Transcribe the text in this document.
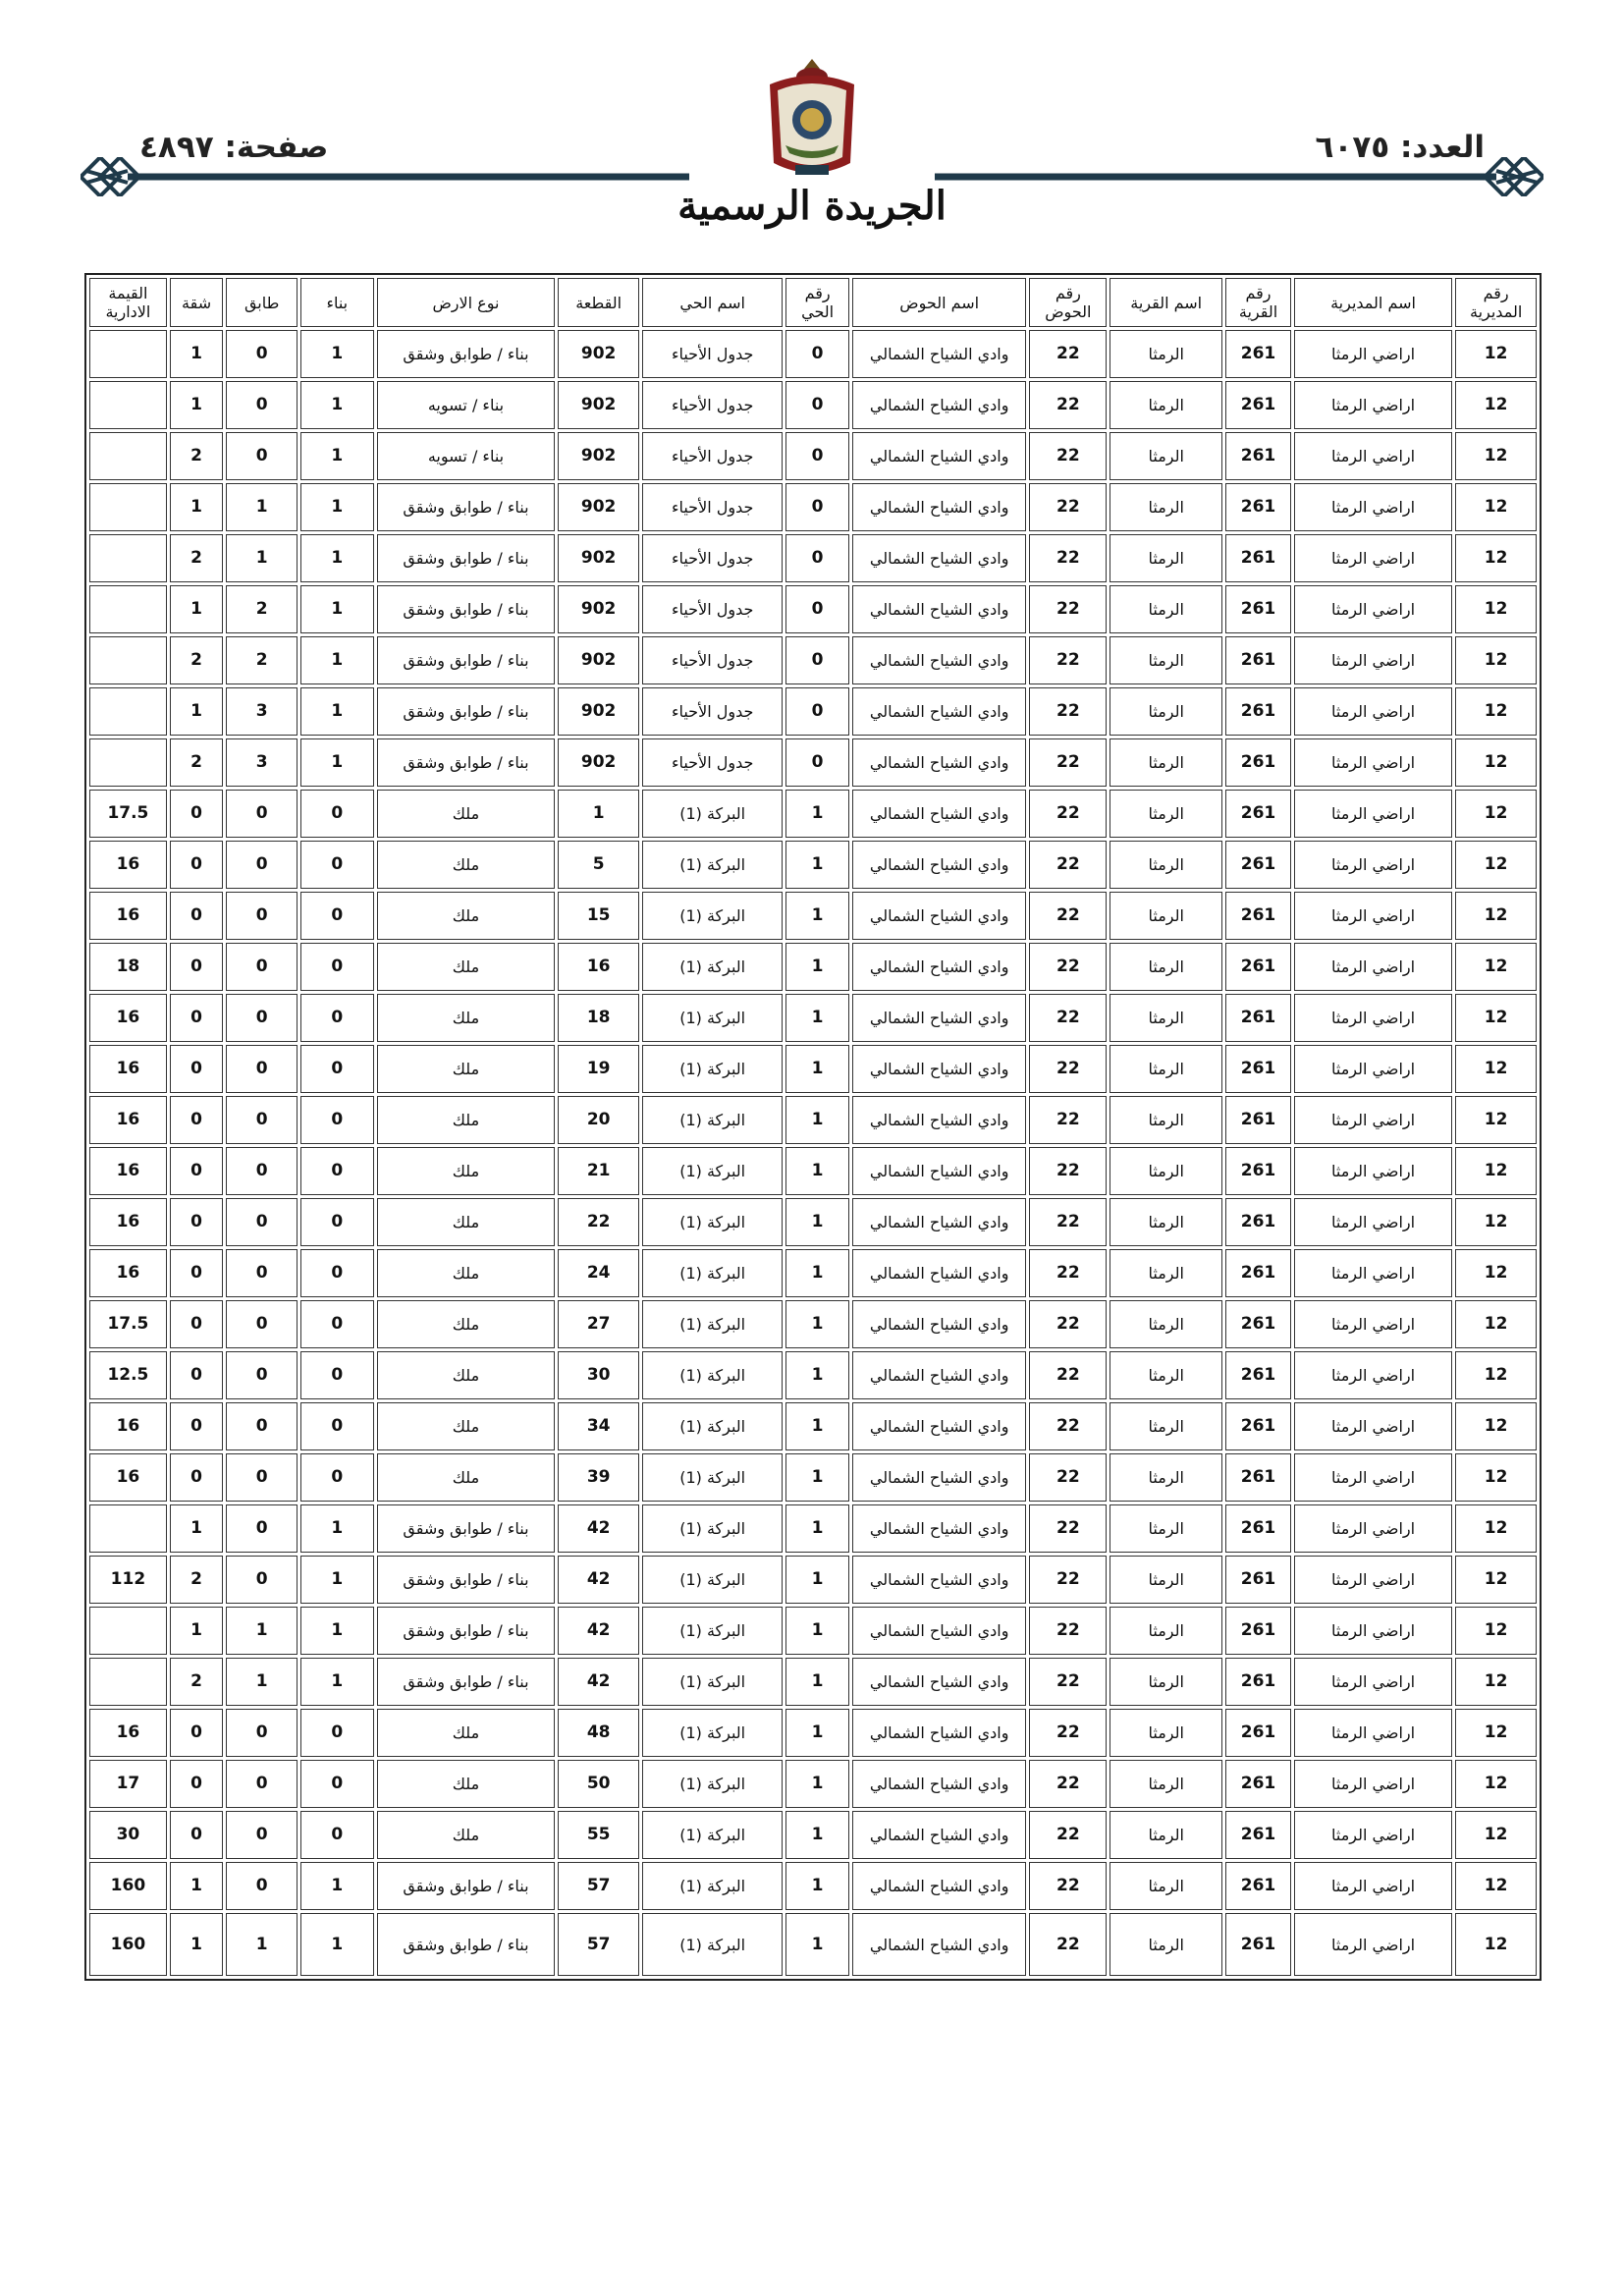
العدد: ٦٠٧٥
صفحة: ٤٨٩٧
الجريدة الرسمية
رقم المديرية	اسم المديرية	رقم القرية	اسم القرية	رقم الحوض	اسم الحوض	رقم الحي	اسم الحي	القطعة	نوع الارض	بناء	طابق	شقة	القيمة الادارية
12	اراضي الرمثا	261	الرمثا	22	وادي الشياح الشمالي	0	جدول الأحياء	902	بناء / طوابق وشقق	1	0	1	
12	اراضي الرمثا	261	الرمثا	22	وادي الشياح الشمالي	0	جدول الأحياء	902	بناء / تسويه	1	0	1	
12	اراضي الرمثا	261	الرمثا	22	وادي الشياح الشمالي	0	جدول الأحياء	902	بناء / تسويه	1	0	2	
12	اراضي الرمثا	261	الرمثا	22	وادي الشياح الشمالي	0	جدول الأحياء	902	بناء / طوابق وشقق	1	1	1	
12	اراضي الرمثا	261	الرمثا	22	وادي الشياح الشمالي	0	جدول الأحياء	902	بناء / طوابق وشقق	1	1	2	
12	اراضي الرمثا	261	الرمثا	22	وادي الشياح الشمالي	0	جدول الأحياء	902	بناء / طوابق وشقق	1	2	1	
12	اراضي الرمثا	261	الرمثا	22	وادي الشياح الشمالي	0	جدول الأحياء	902	بناء / طوابق وشقق	1	2	2	
12	اراضي الرمثا	261	الرمثا	22	وادي الشياح الشمالي	0	جدول الأحياء	902	بناء / طوابق وشقق	1	3	1	
12	اراضي الرمثا	261	الرمثا	22	وادي الشياح الشمالي	0	جدول الأحياء	902	بناء / طوابق وشقق	1	3	2	
12	اراضي الرمثا	261	الرمثا	22	وادي الشياح الشمالي	1	البركة (1)	1	ملك	0	0	0	17.5
12	اراضي الرمثا	261	الرمثا	22	وادي الشياح الشمالي	1	البركة (1)	5	ملك	0	0	0	16
12	اراضي الرمثا	261	الرمثا	22	وادي الشياح الشمالي	1	البركة (1)	15	ملك	0	0	0	16
12	اراضي الرمثا	261	الرمثا	22	وادي الشياح الشمالي	1	البركة (1)	16	ملك	0	0	0	18
12	اراضي الرمثا	261	الرمثا	22	وادي الشياح الشمالي	1	البركة (1)	18	ملك	0	0	0	16
12	اراضي الرمثا	261	الرمثا	22	وادي الشياح الشمالي	1	البركة (1)	19	ملك	0	0	0	16
12	اراضي الرمثا	261	الرمثا	22	وادي الشياح الشمالي	1	البركة (1)	20	ملك	0	0	0	16
12	اراضي الرمثا	261	الرمثا	22	وادي الشياح الشمالي	1	البركة (1)	21	ملك	0	0	0	16
12	اراضي الرمثا	261	الرمثا	22	وادي الشياح الشمالي	1	البركة (1)	22	ملك	0	0	0	16
12	اراضي الرمثا	261	الرمثا	22	وادي الشياح الشمالي	1	البركة (1)	24	ملك	0	0	0	16
12	اراضي الرمثا	261	الرمثا	22	وادي الشياح الشمالي	1	البركة (1)	27	ملك	0	0	0	17.5
12	اراضي الرمثا	261	الرمثا	22	وادي الشياح الشمالي	1	البركة (1)	30	ملك	0	0	0	12.5
12	اراضي الرمثا	261	الرمثا	22	وادي الشياح الشمالي	1	البركة (1)	34	ملك	0	0	0	16
12	اراضي الرمثا	261	الرمثا	22	وادي الشياح الشمالي	1	البركة (1)	39	ملك	0	0	0	16
12	اراضي الرمثا	261	الرمثا	22	وادي الشياح الشمالي	1	البركة (1)	42	بناء / طوابق وشقق	1	0	1	
12	اراضي الرمثا	261	الرمثا	22	وادي الشياح الشمالي	1	البركة (1)	42	بناء / طوابق وشقق	1	0	2	112
12	اراضي الرمثا	261	الرمثا	22	وادي الشياح الشمالي	1	البركة (1)	42	بناء / طوابق وشقق	1	1	1	
12	اراضي الرمثا	261	الرمثا	22	وادي الشياح الشمالي	1	البركة (1)	42	بناء / طوابق وشقق	1	1	2	
12	اراضي الرمثا	261	الرمثا	22	وادي الشياح الشمالي	1	البركة (1)	48	ملك	0	0	0	16
12	اراضي الرمثا	261	الرمثا	22	وادي الشياح الشمالي	1	البركة (1)	50	ملك	0	0	0	17
12	اراضي الرمثا	261	الرمثا	22	وادي الشياح الشمالي	1	البركة (1)	55	ملك	0	0	0	30
12	اراضي الرمثا	261	الرمثا	22	وادي الشياح الشمالي	1	البركة (1)	57	بناء / طوابق وشقق	1	0	1	160
12	اراضي الرمثا	261	الرمثا	22	وادي الشياح الشمالي	1	البركة (1)	57	بناء / طوابق وشقق	1	1	1	160
